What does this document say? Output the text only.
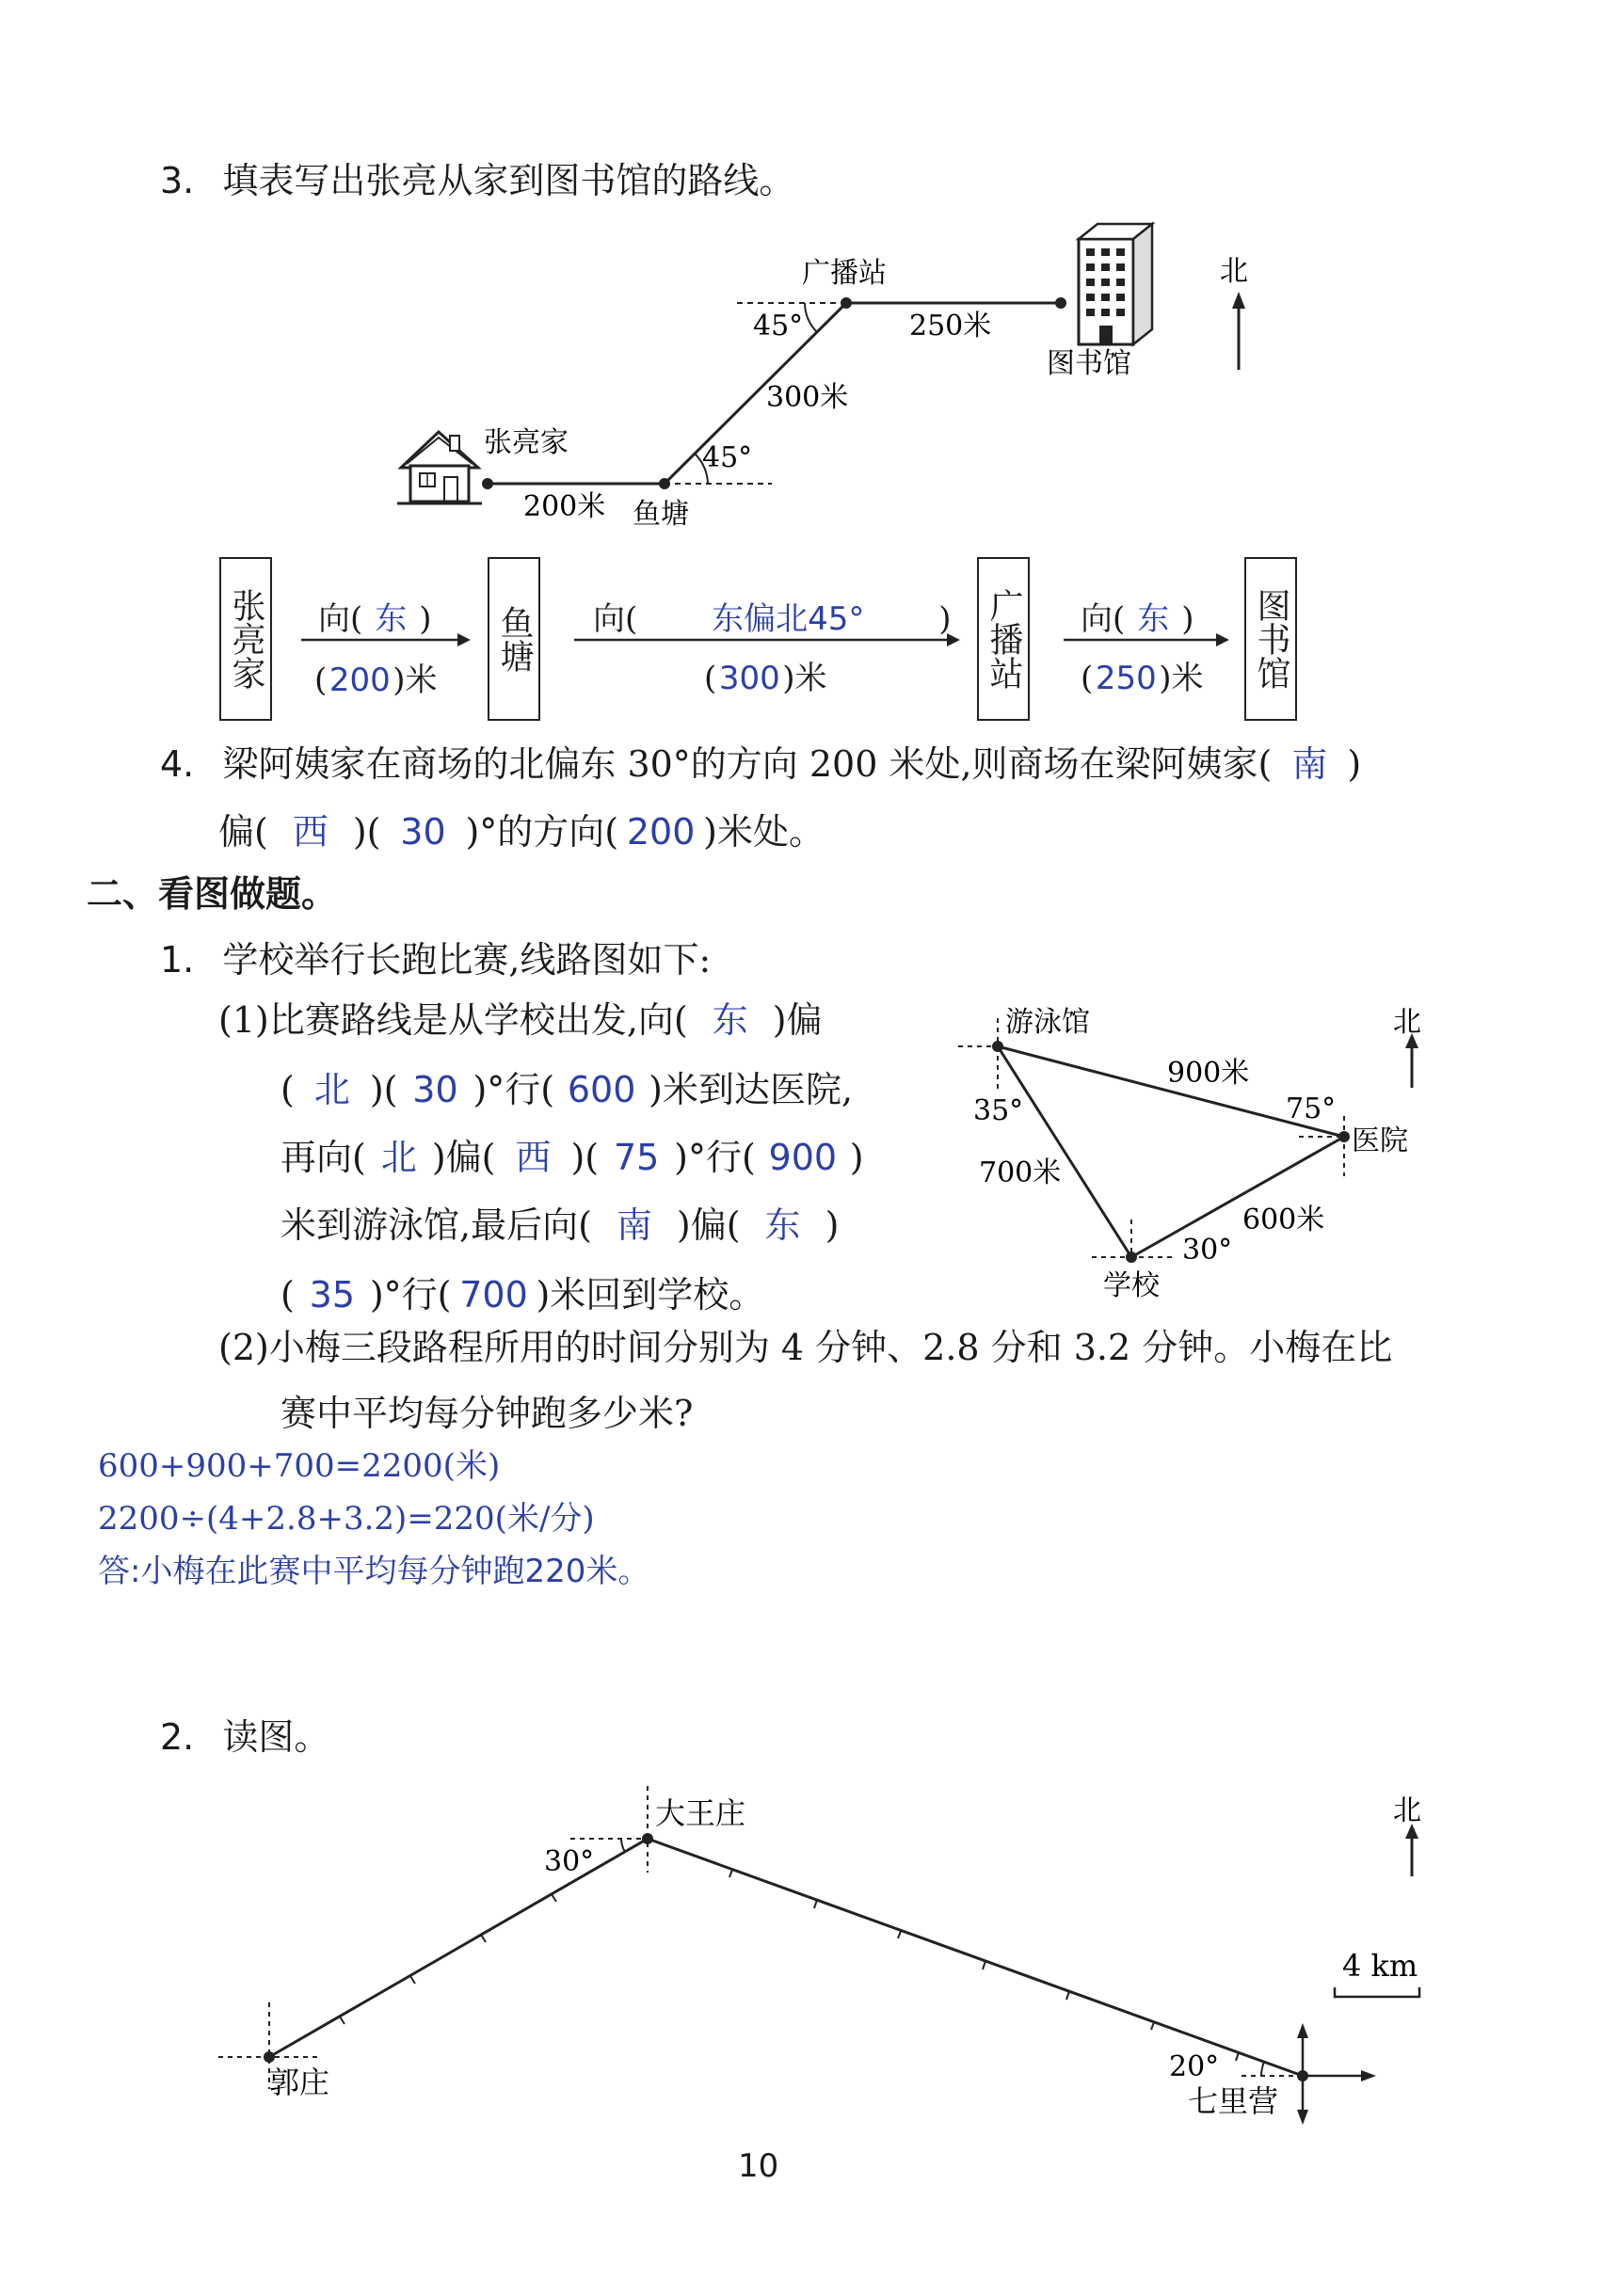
3. 填表写出张亮从家到图书馆的路线。
北
广播站
图书馆
张亮家
鱼塘
200米
300米
250米
45°
45°
张亮家	鱼塘	广播站	图书馆
向( 东 )
(200)米
向( 东偏北45° )
(300)米
向( 东 )
(250)米
4. 梁阿姨家在商场的北偏东 30°的方向 200 米处,则商场在梁阿姨家( 南 )
偏( 西 )( 30 )°的方向( 200 )米处。
二、看图做题。
1. 学校举行长跑比赛,线路图如下:
(1)比赛路线是从学校出发,向( 东 )偏
( 北 )( 30 )°行( 600 )米到达医院,
再向( 北 )偏( 西 )( 75 )°行( 900 )
米到游泳馆,最后向( 南 )偏( 东 )
( 35 )°行( 700 )米回到学校。
(2)小梅三段路程所用的时间分别为 4 分钟、2.8 分和 3.2 分钟。小梅在比
赛中平均每分钟跑多少米?
600+900+700=2200(米)
2200÷(4+2.8+3.2)=220(米/分)
答:小梅在此赛中平均每分钟跑220米。
北
游泳馆
医院
学校
900米
700米
600米
35°	75°
30°
2. 读图。
4 km
北
大王庄
郭庄
七里营
30°
20°
10
